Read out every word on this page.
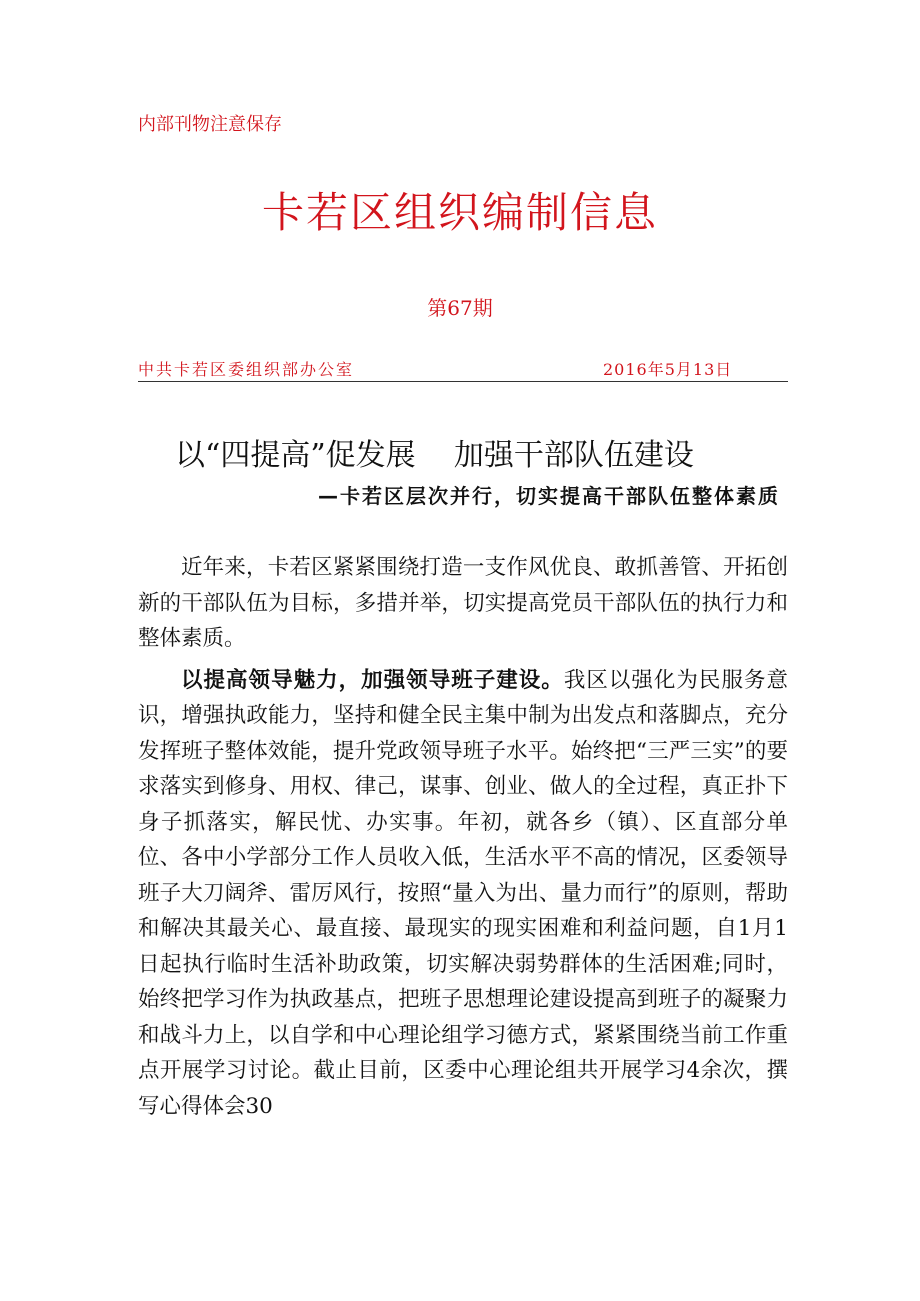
内部刊物注意保存
卡若区组织编制信息
第67期
中共卡若区委组织部办公室	2016年5月13日
以“四提高”促发展    加强干部队伍建设
—卡若区层次并行，切实提高干部队伍整体素质

近年来，卡若区紧紧围绕打造一支作风优良、敢抓善管、开拓创新的干部队伍为目标，多措并举，切实提高党员干部队伍的执行力和整体素质。

以提高领导魅力，加强领导班子建设。我区以强化为民服务意识，增强执政能力，坚持和健全民主集中制为出发点和落脚点，充分发挥班子整体效能，提升党政领导班子水平。始终把“三严三实”的要求落实到修身、用权、律己，谋事、创业、做人的全过程，真正扑下身子抓落实，解民忧、办实事。年初，就各乡（镇）、区直部分单位、各中小学部分工作人员收入低，生活水平不高的情况，区委领导班子大刀阔斧、雷厉风行，按照“量入为出、量力而行”的原则，帮助和解决其最关心、最直接、最现实的现实困难和利益问题，自1月1日起执行临时生活补助政策，切实解决弱势群体的生活困难;同时，始终把学习作为执政基点，把班子思想理论建设提高到班子的凝聚力和战斗力上，以自学和中心理论组学习德方式，紧紧围绕当前工作重点开展学习讨论。截止目前，区委中心理论组共开展学习4余次，撰写心得体会30
